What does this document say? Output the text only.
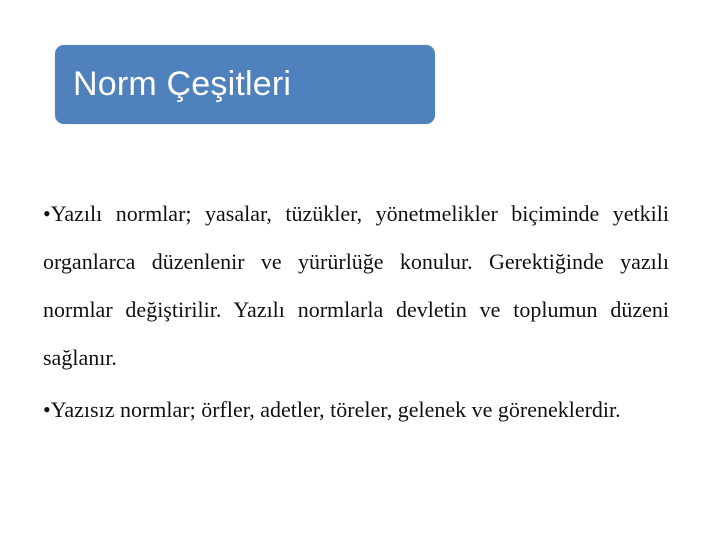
Norm Çeşitleri

•Yazılı normlar; yasalar, tüzükler, yönetmelikler biçiminde yetkili organlarca düzenlenir ve yürürlüğe konulur. Gerektiğinde yazılı normlar değiştirilir. Yazılı normlarla devletin ve toplumun düzeni sağlanır.

•Yazısız normlar; örfler, adetler, töreler, gelenek ve göreneklerdir.
